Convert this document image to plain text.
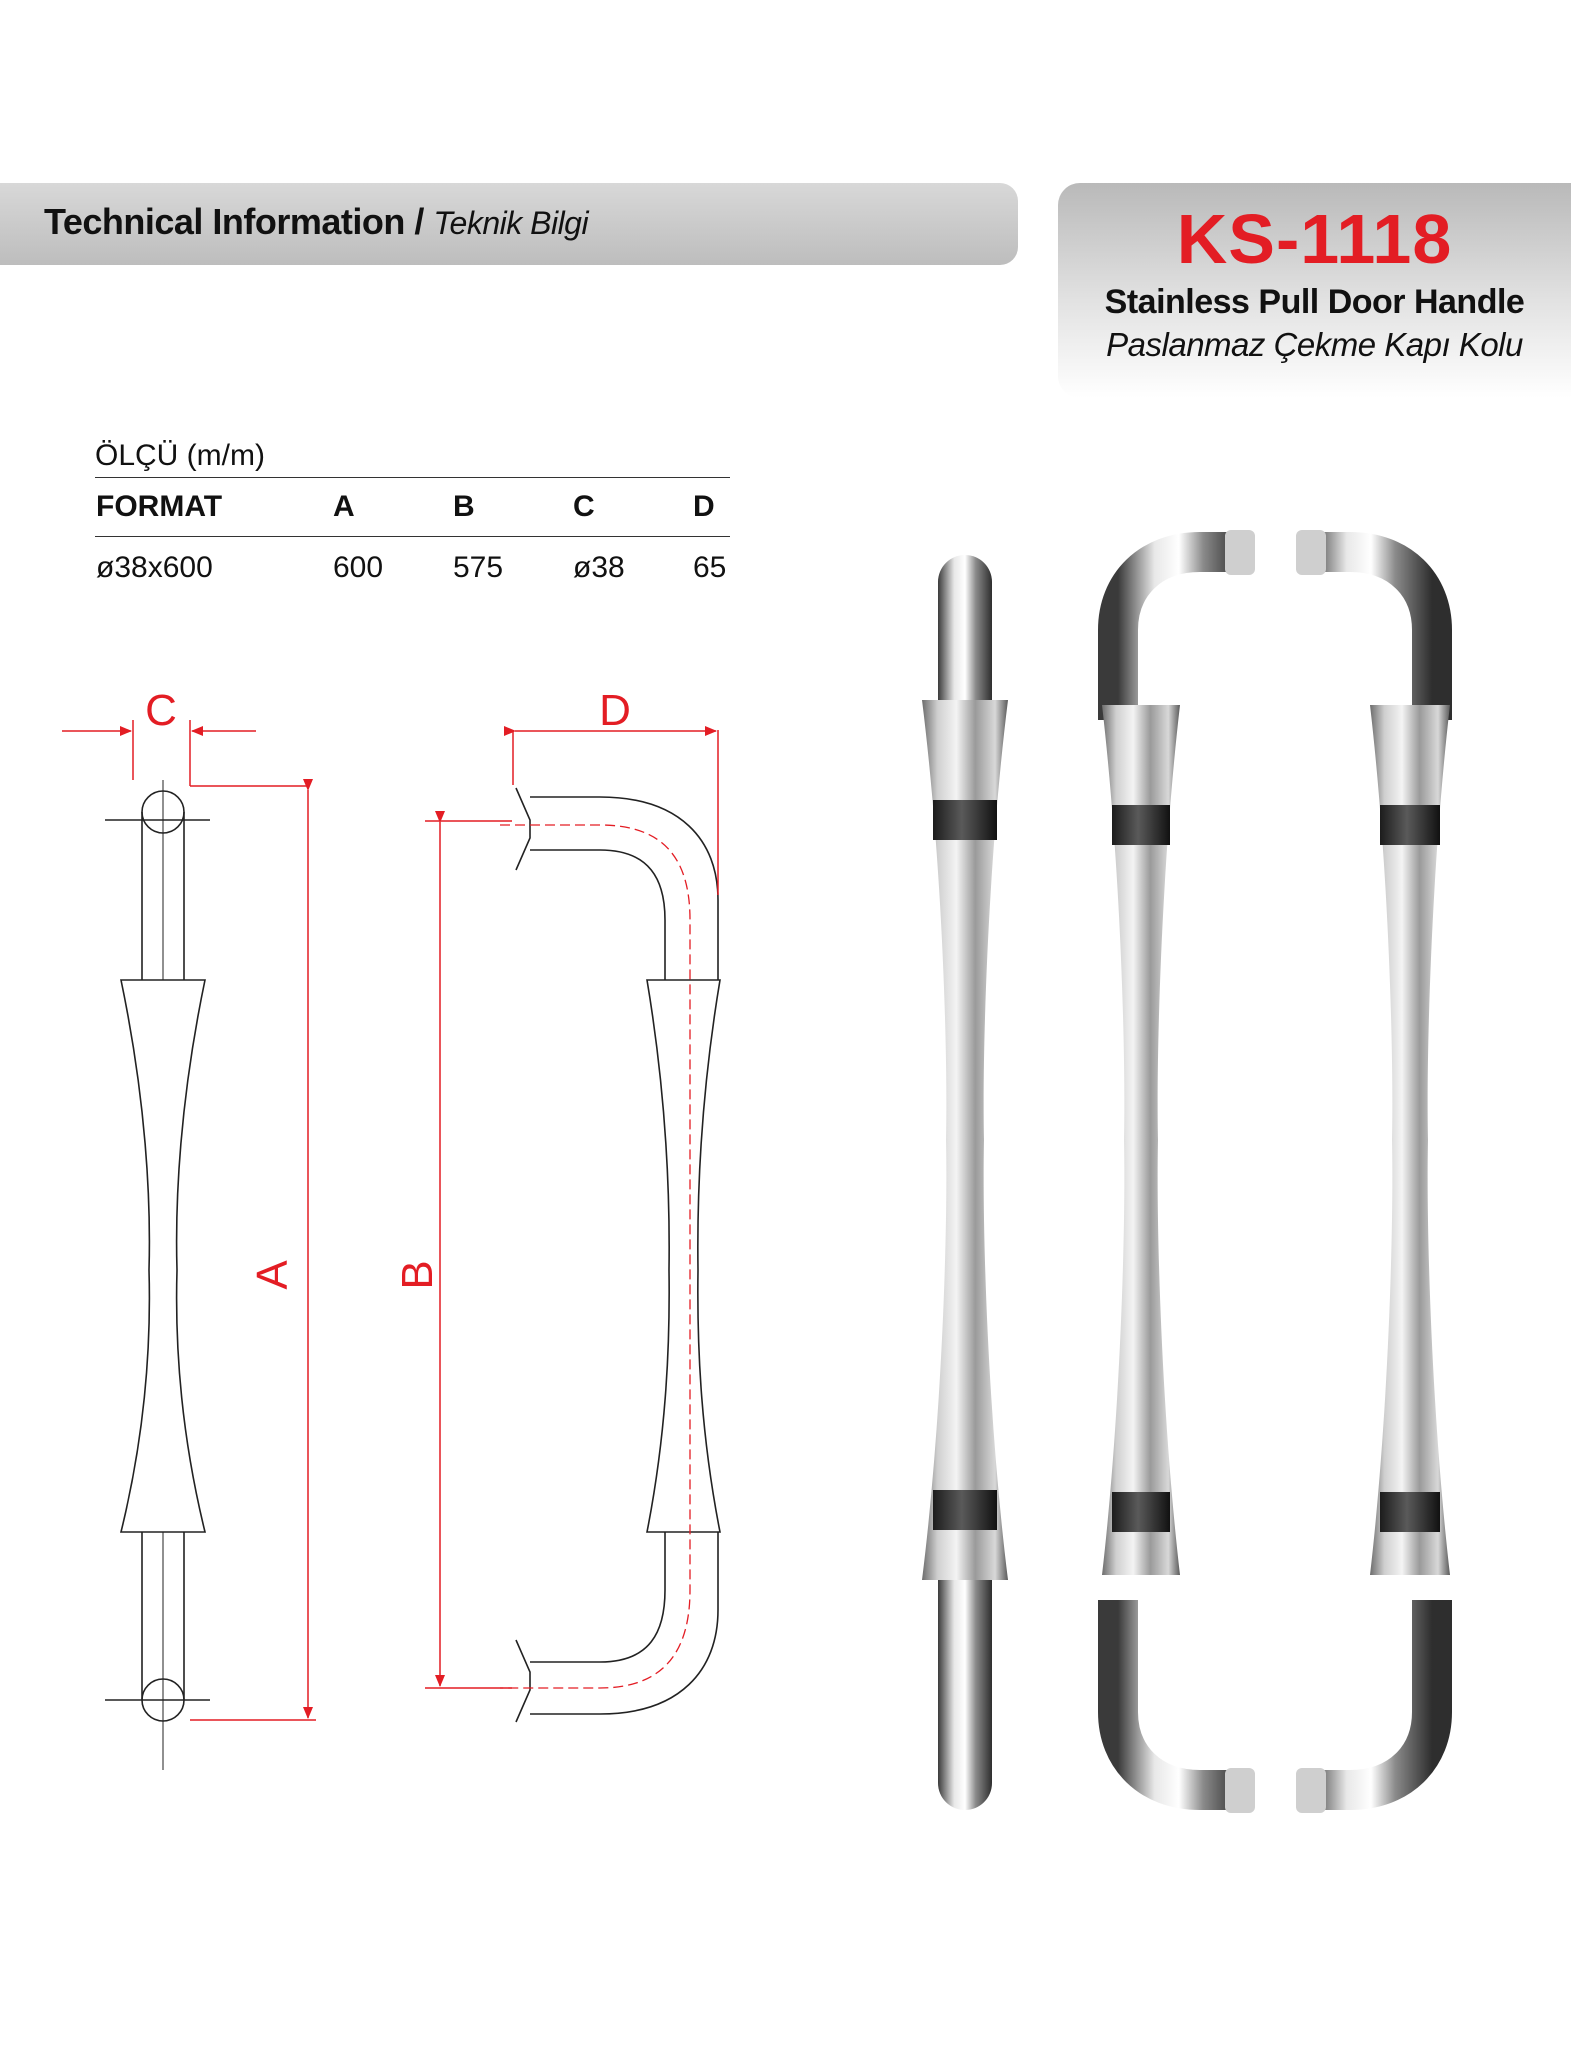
Technical Information / Teknik Bilgi	KS-1118
Stainless Pull Door Handle
Paslanmaz Çekme Kapı Kolu
ÖLÇÜ (m/m)
FORMAT	A	B	C	D
ø38x600	600	575	ø38	65
C
A
D
B
